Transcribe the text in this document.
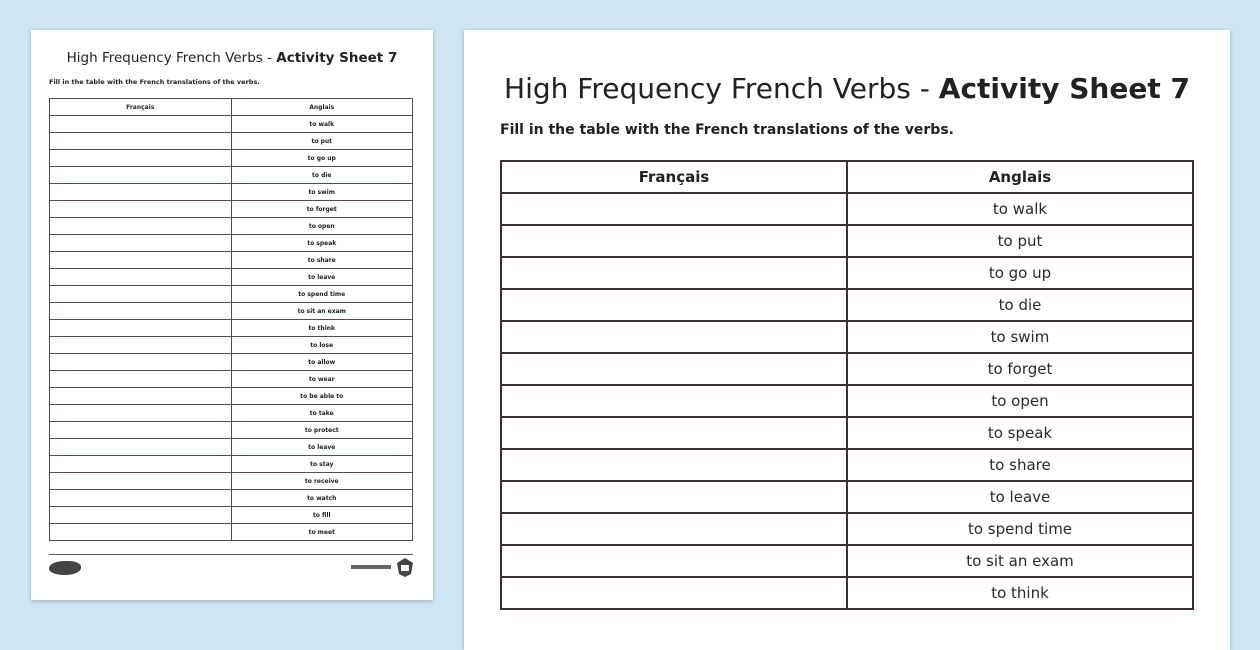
High Frequency French Verbs - Activity Sheet 7
Fill in the table with the French translations of the verbs.
Français	Anglais
	to walk
	to put
	to go up
	to die
	to swim
	to forget
	to open
	to speak
	to share
	to leave
	to spend time
	to sit an exam
	to think
	to lose
	to allow
	to wear
	to be able to
	to take
	to protect
	to leave
	to stay
	to receive
	to watch
	to fill
	to meet
High Frequency French Verbs - Activity Sheet 7
Fill in the table with the French translations of the verbs.
Français	Anglais
	to walk
	to put
	to go up
	to die
	to swim
	to forget
	to open
	to speak
	to share
	to leave
	to spend time
	to sit an exam
	to think
